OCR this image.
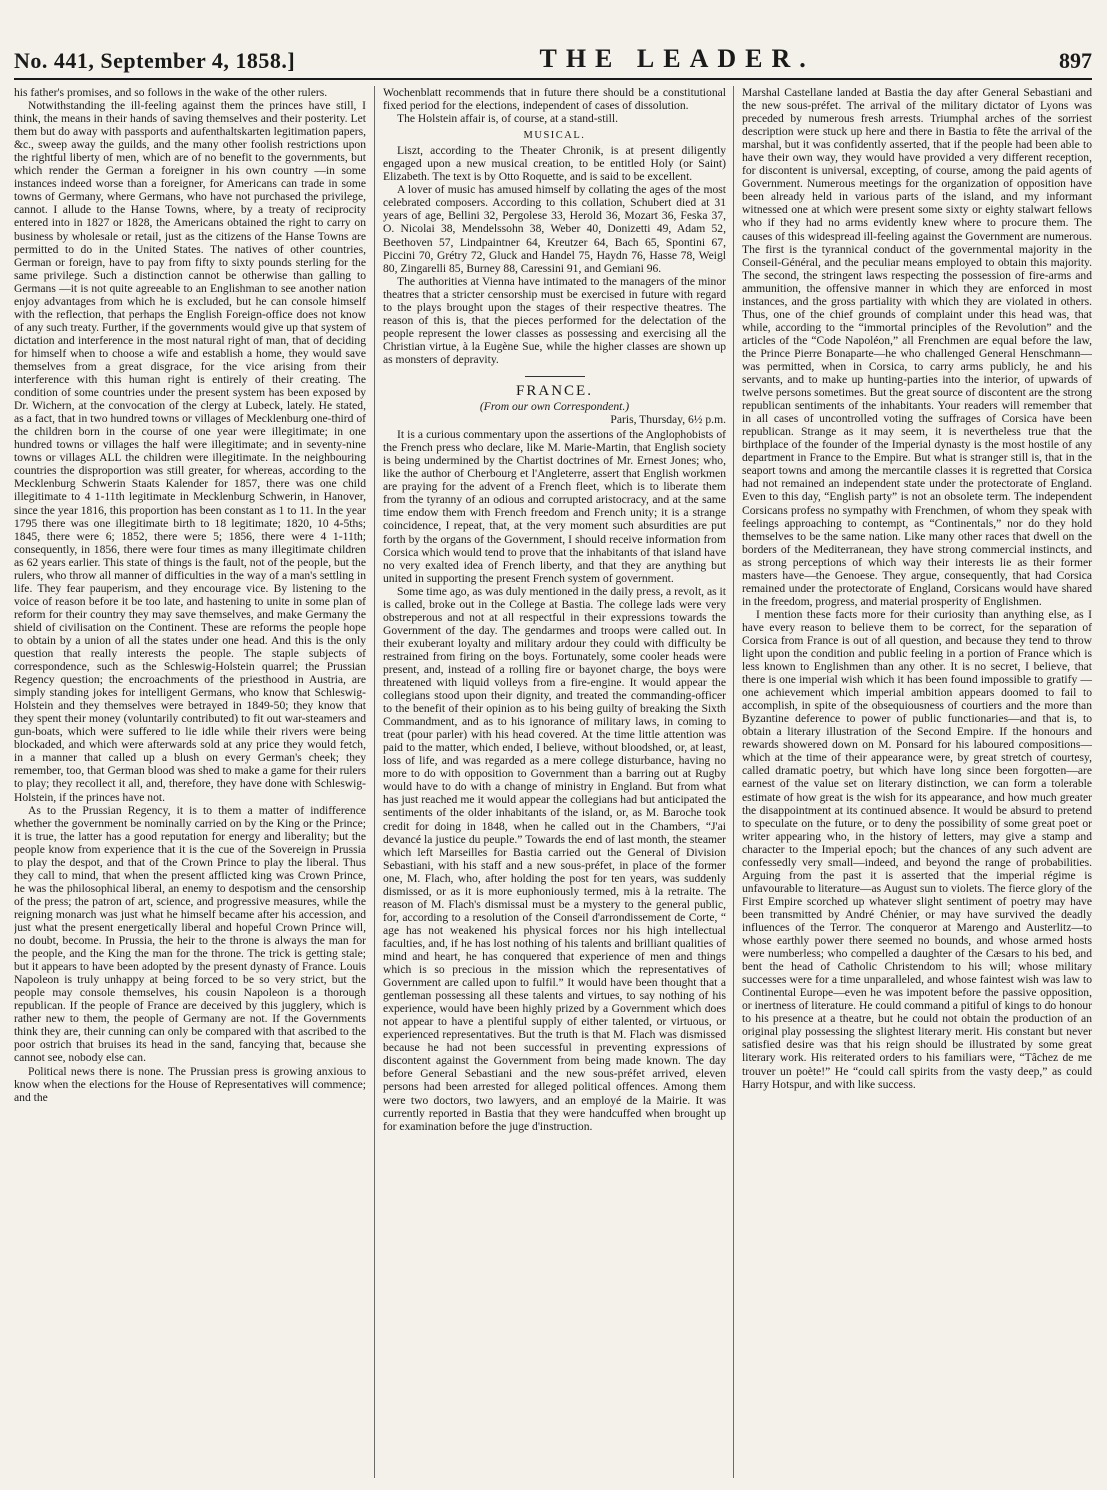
No. 441, September 4, 1858.]	THE LEADER.	897

his father's promises, and so follows in the wake of the other rulers.

Notwithstanding the ill-feeling against them the princes have still, I think, the means in their hands of saving themselves and their posterity. Let them but do away with passports and aufenthaltskarten legitimation papers, &c., sweep away the guilds, and the many other foolish restrictions upon the rightful liberty of men, which are of no benefit to the governments, but which render the German a foreigner in his own country —in some instances indeed worse than a foreigner, for Americans can trade in some towns of Germany, where Germans, who have not purchased the privilege, cannot. I allude to the Hanse Towns, where, by a treaty of reciprocity entered into in 1827 or 1828, the Americans obtained the right to carry on business by wholesale or retail, just as the citizens of the Hanse Towns are permitted to do in the United States. The natives of other countries, German or foreign, have to pay from fifty to sixty pounds sterling for the same privilege. Such a distinction cannot be otherwise than galling to Germans —it is not quite agreeable to an Englishman to see another nation enjoy advantages from which he is excluded, but he can console himself with the reflection, that perhaps the English Foreign-office does not know of any such treaty. Further, if the governments would give up that system of dictation and interference in the most natural right of man, that of deciding for himself when to choose a wife and establish a home, they would save themselves from a great disgrace, for the vice arising from their interference with this human right is entirely of their creating. The condition of some countries under the present system has been exposed by Dr. Wichern, at the convocation of the clergy at Lubeck, lately. He stated, as a fact, that in two hundred towns or villages of Mecklenburg one-third of the children born in the course of one year were illegitimate; in one hundred towns or villages the half were illegitimate; and in seventy-nine towns or villages ALL the children were illegitimate. In the neighbouring countries the disproportion was still greater, for whereas, according to the Mecklenburg Schwerin Staats Kalender for 1857, there was one child illegitimate to 4 1-11th legitimate in Mecklenburg Schwerin, in Hanover, since the year 1816, this proportion has been constant as 1 to 11. In the year 1795 there was one illegitimate birth to 18 legitimate; 1820, 10 4-5ths; 1845, there were 6; 1852, there were 5; 1856, there were 4 1-11th; consequently, in 1856, there were four times as many illegitimate children as 62 years earlier. This state of things is the fault, not of the people, but the rulers, who throw all manner of difficulties in the way of a man's settling in life. They fear pauperism, and they encourage vice. By listening to the voice of reason before it be too late, and hastening to unite in some plan of reform for their country they may save themselves, and make Germany the shield of civilisation on the Continent. These are reforms the people hope to obtain by a union of all the states under one head. And this is the only question that really interests the people. The staple subjects of correspondence, such as the Schleswig-Holstein quarrel; the Prussian Regency question; the encroachments of the priesthood in Austria, are simply standing jokes for intelligent Germans, who know that Schleswig-Holstein and they themselves were betrayed in 1849-50; they know that they spent their money (voluntarily contributed) to fit out war-steamers and gun-boats, which were suffered to lie idle while their rivers were being blockaded, and which were afterwards sold at any price they would fetch, in a manner that called up a blush on every German's cheek; they remember, too, that German blood was shed to make a game for their rulers to play; they recollect it all, and, therefore, they have done with Schleswig-Holstein, if the princes have not.

As to the Prussian Regency, it is to them a matter of indifference whether the government be nominally carried on by the King or the Prince; it is true, the latter has a good reputation for energy and liberality; but the people know from experience that it is the cue of the Sovereign in Prussia to play the despot, and that of the Crown Prince to play the liberal. Thus they call to mind, that when the present afflicted king was Crown Prince, he was the philosophical liberal, an enemy to despotism and the censorship of the press; the patron of art, science, and progressive measures, while the reigning monarch was just what he himself became after his accession, and just what the present energetically liberal and hopeful Crown Prince will, no doubt, become. In Prussia, the heir to the throne is always the man for the people, and the King the man for the throne. The trick is getting stale; but it appears to have been adopted by the present dynasty of France. Louis Napoleon is truly unhappy at being forced to be so very strict, but the people may console themselves, his cousin Napoleon is a thorough republican. If the people of France are deceived by this jugglery, which is rather new to them, the people of Germany are not. If the Governments think they are, their cunning can only be compared with that ascribed to the poor ostrich that bruises its head in the sand, fancying that, because she cannot see, nobody else can.

Political news there is none. The Prussian press is growing anxious to know when the elections for the House of Representatives will commence; and the

Wochenblatt recommends that in future there should be a constitutional fixed period for the elections, independent of cases of dissolution.

The Holstein affair is, of course, at a stand-still.

MUSICAL.

Liszt, according to the Theater Chronik, is at present diligently engaged upon a new musical creation, to be entitled Holy (or Saint) Elizabeth. The text is by Otto Roquette, and is said to be excellent.

A lover of music has amused himself by collating the ages of the most celebrated composers. According to this collation, Schubert died at 31 years of age, Bellini 32, Pergolese 33, Herold 36, Mozart 36, Feska 37, O. Nicolai 38, Mendelssohn 38, Weber 40, Donizetti 49, Adam 52, Beethoven 57, Lindpaintner 64, Kreutzer 64, Bach 65, Spontini 67, Piccini 70, Grétry 72, Gluck and Handel 75, Haydn 76, Hasse 78, Weigl 80, Zingarelli 85, Burney 88, Caressini 91, and Gemiani 96.

The authorities at Vienna have intimated to the managers of the minor theatres that a stricter censorship must be exercised in future with regard to the plays brought upon the stages of their respective theatres. The reason of this is, that the pieces performed for the delectation of the people represent the lower classes as possessing and exercising all the Christian virtue, à la Eugène Sue, while the higher classes are shown up as monsters of depravity.

FRANCE.
(From our own Correspondent.)
Paris, Thursday, 6½ p.m.

It is a curious commentary upon the assertions of the Anglophobists of the French press who declare, like M. Marie-Martin, that English society is being undermined by the Chartist doctrines of Mr. Ernest Jones; who, like the author of Cherbourg et l'Angleterre, assert that English workmen are praying for the advent of a French fleet, which is to liberate them from the tyranny of an odious and corrupted aristocracy, and at the same time endow them with French freedom and French unity; it is a strange coincidence, I repeat, that, at the very moment such absurdities are put forth by the organs of the Government, I should receive information from Corsica which would tend to prove that the inhabitants of that island have no very exalted idea of French liberty, and that they are anything but united in supporting the present French system of government.

Some time ago, as was duly mentioned in the daily press, a revolt, as it is called, broke out in the College at Bastia. The college lads were very obstreperous and not at all respectful in their expressions towards the Government of the day. The gendarmes and troops were called out. In their exuberant loyalty and military ardour they could with difficulty be restrained from firing on the boys. Fortunately, some cooler heads were present, and, instead of a rolling fire or bayonet charge, the boys were threatened with liquid volleys from a fire-engine. It would appear the collegians stood upon their dignity, and treated the commanding-officer to the benefit of their opinion as to his being guilty of breaking the Sixth Commandment, and as to his ignorance of military laws, in coming to treat (pour parler) with his head covered. At the time little attention was paid to the matter, which ended, I believe, without bloodshed, or, at least, loss of life, and was regarded as a mere college disturbance, having no more to do with opposition to Government than a barring out at Rugby would have to do with a change of ministry in England. But from what has just reached me it would appear the collegians had but anticipated the sentiments of the older inhabitants of the island, or, as M. Baroche took credit for doing in 1848, when he called out in the Chambers, “J'ai devancé la justice du peuple.” Towards the end of last month, the steamer which left Marseilles for Bastia carried out the General of Division Sebastiani, with his staff and a new sous-préfet, in place of the former one, M. Flach, who, after holding the post for ten years, was suddenly dismissed, or as it is more euphoniously termed, mis à la retraite. The reason of M. Flach's dismissal must be a mystery to the general public, for, according to a resolution of the Conseil d'arrondissement de Corte, “ age has not weakened his physical forces nor his high intellectual faculties, and, if he has lost nothing of his talents and brilliant qualities of mind and heart, he has conquered that experience of men and things which is so precious in the mission which the representatives of Government are called upon to fulfil.” It would have been thought that a gentleman possessing all these talents and virtues, to say nothing of his experience, would have been highly prized by a Government which does not appear to have a plentiful supply of either talented, or virtuous, or experienced representatives. But the truth is that M. Flach was dismissed because he had not been successful in preventing expressions of discontent against the Government from being made known. The day before General Sebastiani and the new sous-préfet arrived, eleven persons had been arrested for alleged political offences. Among them were two doctors, two lawyers, and an employé de la Mairie. It was currently reported in Bastia that they were handcuffed when brought up for examination before the juge d'instruction.

Marshal Castellane landed at Bastia the day after General Sebastiani and the new sous-préfet. The arrival of the military dictator of Lyons was preceded by numerous fresh arrests. Triumphal arches of the sorriest description were stuck up here and there in Bastia to fête the arrival of the marshal, but it was confidently asserted, that if the people had been able to have their own way, they would have provided a very different reception, for discontent is universal, excepting, of course, among the paid agents of Government. Numerous meetings for the organization of opposition have been already held in various parts of the island, and my informant witnessed one at which were present some sixty or eighty stalwart fellows who if they had no arms evidently knew where to procure them. The causes of this widespread ill-feeling against the Government are numerous. The first is the tyrannical conduct of the governmental majority in the Conseil-Général, and the peculiar means employed to obtain this majority. The second, the stringent laws respecting the possession of fire-arms and ammunition, the offensive manner in which they are enforced in most instances, and the gross partiality with which they are violated in others. Thus, one of the chief grounds of complaint under this head was, that while, according to the “immortal principles of the Revolution” and the articles of the “Code Napoléon,” all Frenchmen are equal before the law, the Prince Pierre Bonaparte—he who challenged General Henschmann—was permitted, when in Corsica, to carry arms publicly, he and his servants, and to make up hunting-parties into the interior, of upwards of twelve persons sometimes. But the great source of discontent are the strong republican sentiments of the inhabitants. Your readers will remember that in all cases of uncontrolled voting the suffrages of Corsica have been republican. Strange as it may seem, it is nevertheless true that the birthplace of the founder of the Imperial dynasty is the most hostile of any department in France to the Empire. But what is stranger still is, that in the seaport towns and among the mercantile classes it is regretted that Corsica had not remained an independent state under the protectorate of England. Even to this day, “English party” is not an obsolete term. The independent Corsicans profess no sympathy with Frenchmen, of whom they speak with feelings approaching to contempt, as “Continentals,” nor do they hold themselves to be the same nation. Like many other races that dwell on the borders of the Mediterranean, they have strong commercial instincts, and as strong perceptions of which way their interests lie as their former masters have—the Genoese. They argue, consequently, that had Corsica remained under the protectorate of England, Corsicans would have shared in the freedom, progress, and material prosperity of Englishmen.

I mention these facts more for their curiosity than anything else, as I have every reason to believe them to be correct, for the separation of Corsica from France is out of all question, and because they tend to throw light upon the condition and public feeling in a portion of France which is less known to Englishmen than any other. It is no secret, I believe, that there is one imperial wish which it has been found impossible to gratify —one achievement which imperial ambition appears doomed to fail to accomplish, in spite of the obsequiousness of courtiers and the more than Byzantine deference to power of public functionaries—and that is, to obtain a literary illustration of the Second Empire. If the honours and rewards showered down on M. Ponsard for his laboured compositions—which at the time of their appearance were, by great stretch of courtesy, called dramatic poetry, but which have long since been forgotten—are earnest of the value set on literary distinction, we can form a tolerable estimate of how great is the wish for its appearance, and how much greater the disappointment at its continued absence. It would be absurd to pretend to speculate on the future, or to deny the possibility of some great poet or writer appearing who, in the history of letters, may give a stamp and character to the Imperial epoch; but the chances of any such advent are confessedly very small—indeed, and beyond the range of probabilities. Arguing from the past it is asserted that the imperial régime is unfavourable to literature—as August sun to violets. The fierce glory of the First Empire scorched up whatever slight sentiment of poetry may have been transmitted by André Chénier, or may have survived the deadly influences of the Terror. The conqueror at Marengo and Austerlitz—to whose earthly power there seemed no bounds, and whose armed hosts were numberless; who compelled a daughter of the Cæsars to his bed, and bent the head of Catholic Christendom to his will; whose military successes were for a time unparalleled, and whose faintest wish was law to Continental Europe—even he was impotent before the passive opposition, or inertness of literature. He could command a pitiful of kings to do honour to his presence at a theatre, but he could not obtain the production of an original play possessing the slightest literary merit. His constant but never satisfied desire was that his reign should be illustrated by some great literary work. His reiterated orders to his familiars were, “Tâchez de me trouver un poète!” He “could call spirits from the vasty deep,” as could Harry Hotspur, and with like success.
